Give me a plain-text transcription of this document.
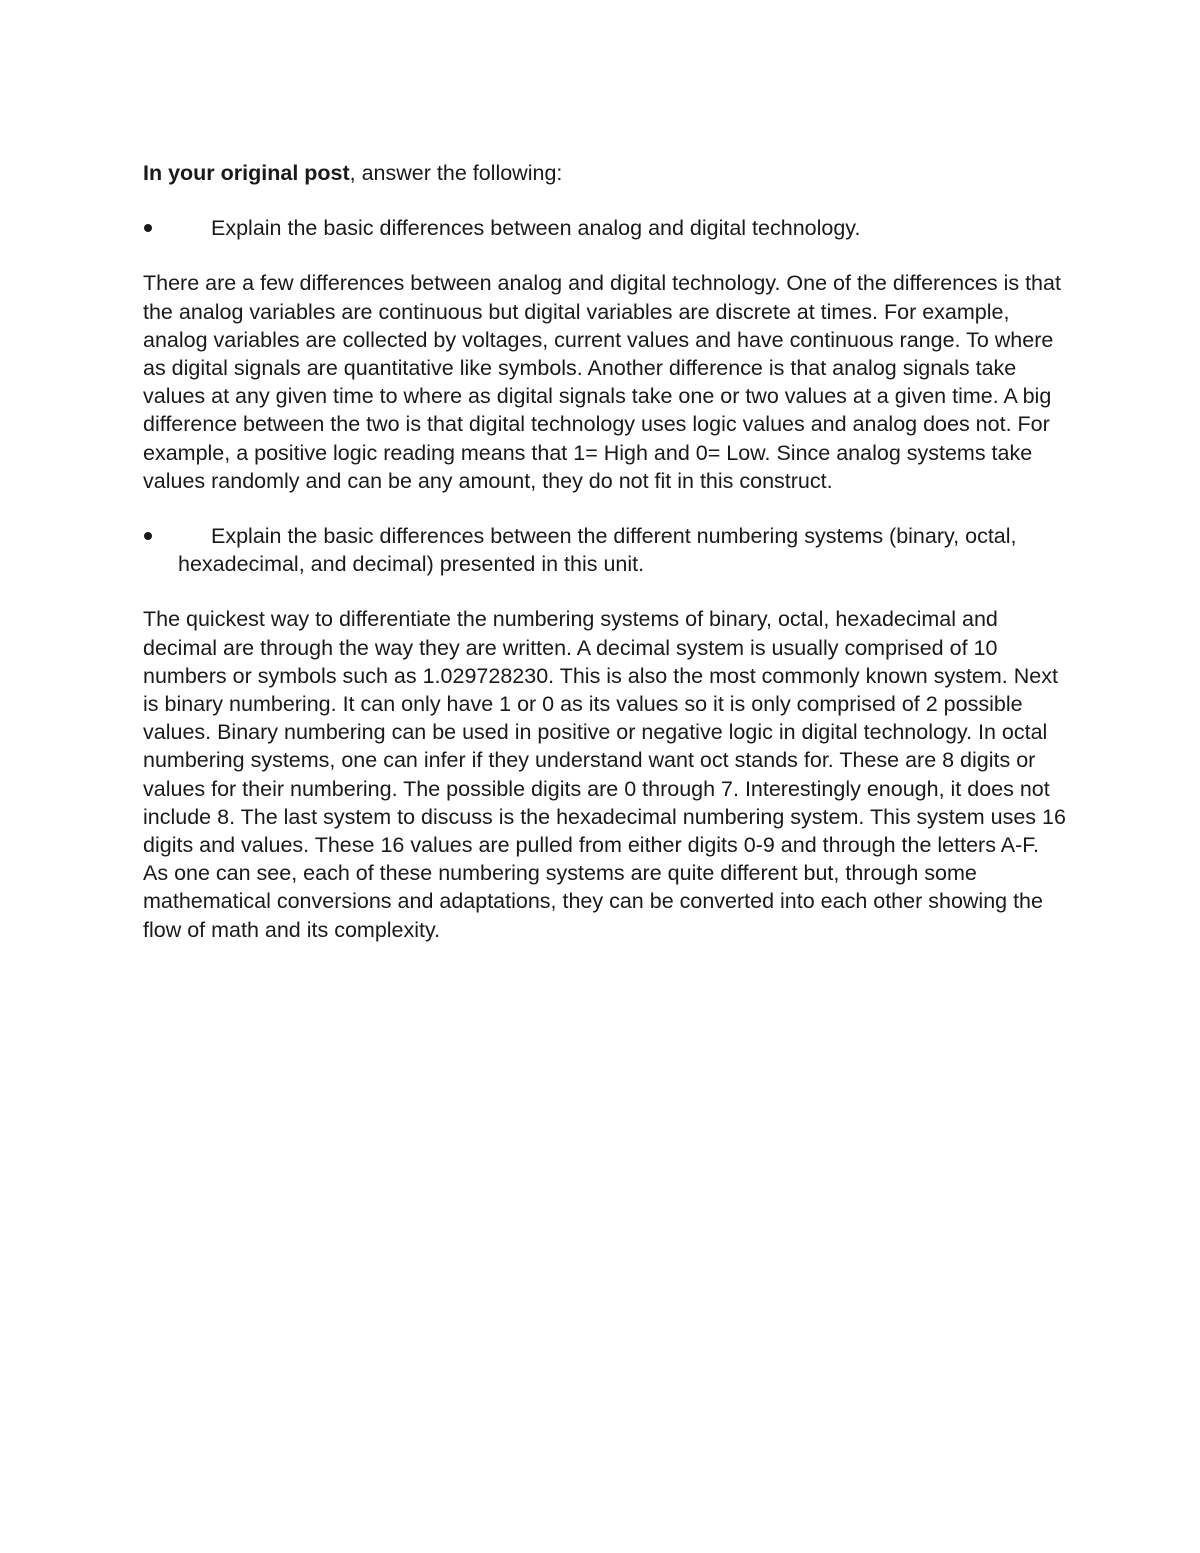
In your original post, answer the following:

Explain the basic differences between analog and digital technology.

There are a few differences between analog and digital technology. One of the differences is that the analog variables are continuous but digital variables are discrete at times. For example, analog variables are collected by voltages, current values and have continuous range. To where as digital signals are quantitative like symbols. Another difference is that analog signals take values at any given time to where as digital signals take one or two values at a given time. A big difference between the two is that digital technology uses logic values and analog does not. For example, a positive logic reading means that 1= High and 0= Low. Since analog systems take values randomly and can be any amount, they do not fit in this construct.

Explain the basic differences between the different numbering systems (binary, octal, hexadecimal, and decimal) presented in this unit.

The quickest way to differentiate the numbering systems of binary, octal, hexadecimal and decimal are through the way they are written. A decimal system is usually comprised of 10 numbers or symbols such as 1.029728230. This is also the most commonly known system. Next is binary numbering. It can only have 1 or 0 as its values so it is only comprised of 2 possible values. Binary numbering can be used in positive or negative logic in digital technology. In octal numbering systems, one can infer if they understand want oct stands for. These are 8 digits or values for their numbering. The possible digits are 0 through 7. Interestingly enough, it does not include 8. The last system to discuss is the hexadecimal numbering system. This system uses 16 digits and values. These 16 values are pulled from either digits 0-9 and through the letters A-F. As one can see, each of these numbering systems are quite different but, through some mathematical conversions and adaptations, they can be converted into each other showing the flow of math and its complexity.
